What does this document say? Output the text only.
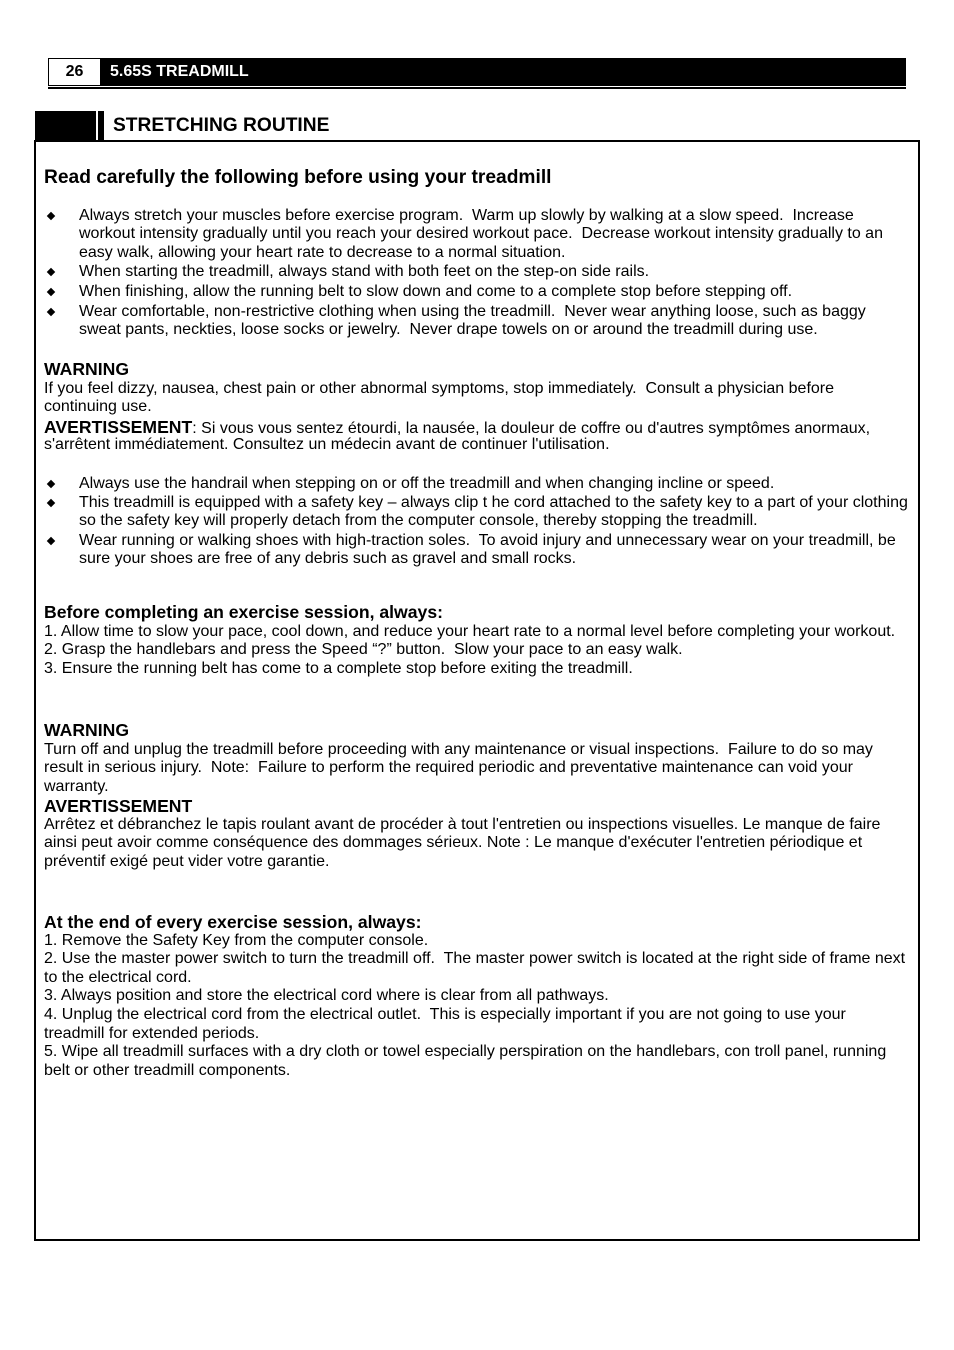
26	5.65S TREADMILL
STRETCHING ROUTINE
Read carefully the following before using your treadmill
Always stretch your muscles before exercise program.  Warm up slowly by walking at a slow speed.  Increase
workout intensity gradually until you reach your desired workout pace.  Decrease workout intensity gradually to an
easy walk, allowing your heart rate to decrease to a normal situation.
When starting the treadmill, always stand with both feet on the step-on side rails.
When finishing, allow the running belt to slow down and come to a complete stop before stepping off.
Wear comfortable, non-restrictive clothing when using the treadmill.  Never wear anything loose, such as baggy
sweat pants, neckties, loose socks or jewelry.  Never drape towels on or around the treadmill during use.
WARNING
If you feel dizzy, nausea, chest pain or other abnormal symptoms, stop immediately.  Consult a physician before
continuing use.
AVERTISSEMENT: Si vous vous sentez étourdi, la nausée, la douleur de coffre ou d'autres symptômes anormaux,
s'arrêtent immédiatement. Consultez un médecin avant de continuer l'utilisation.
Always use the handrail when stepping on or off the treadmill and when changing incline or speed.
This treadmill is equipped with a safety key – always clip t he cord attached to the safety key to a part of your clothing
so the safety key will properly detach from the computer console, thereby stopping the treadmill.
Wear running or walking shoes with high-traction soles.  To avoid injury and unnecessary wear on your treadmill, be
sure your shoes are free of any debris such as gravel and small rocks.
Before completing an exercise session, always:
1. Allow time to slow your pace, cool down, and reduce your heart rate to a normal level before completing your workout.
2. Grasp the handlebars and press the Speed “?” button.  Slow your pace to an easy walk.
3. Ensure the running belt has come to a complete stop before exiting the treadmill.
WARNING
Turn off and unplug the treadmill before proceeding with any maintenance or visual inspections.  Failure to do so may
result in serious injury.  Note:  Failure to perform the required periodic and preventative maintenance can void your
warranty.
AVERTISSEMENT
Arrêtez et débranchez le tapis roulant avant de procéder à tout l'entretien ou inspections visuelles. Le manque de faire
ainsi peut avoir comme conséquence des dommages sérieux. Note : Le manque d'exécuter l'entretien périodique et
préventif exigé peut vider votre garantie.
At the end of every exercise session, always:
1. Remove the Safety Key from the computer console.
2. Use the master power switch to turn the treadmill off.  The master power switch is located at the right side of frame next
to the electrical cord.
3. Always position and store the electrical cord where is clear from all pathways.
4. Unplug the electrical cord from the electrical outlet.  This is especially important if you are not going to use your
treadmill for extended periods.
5. Wipe all treadmill surfaces with a dry cloth or towel especially perspiration on the handlebars, con troll panel, running
belt or other treadmill components.
